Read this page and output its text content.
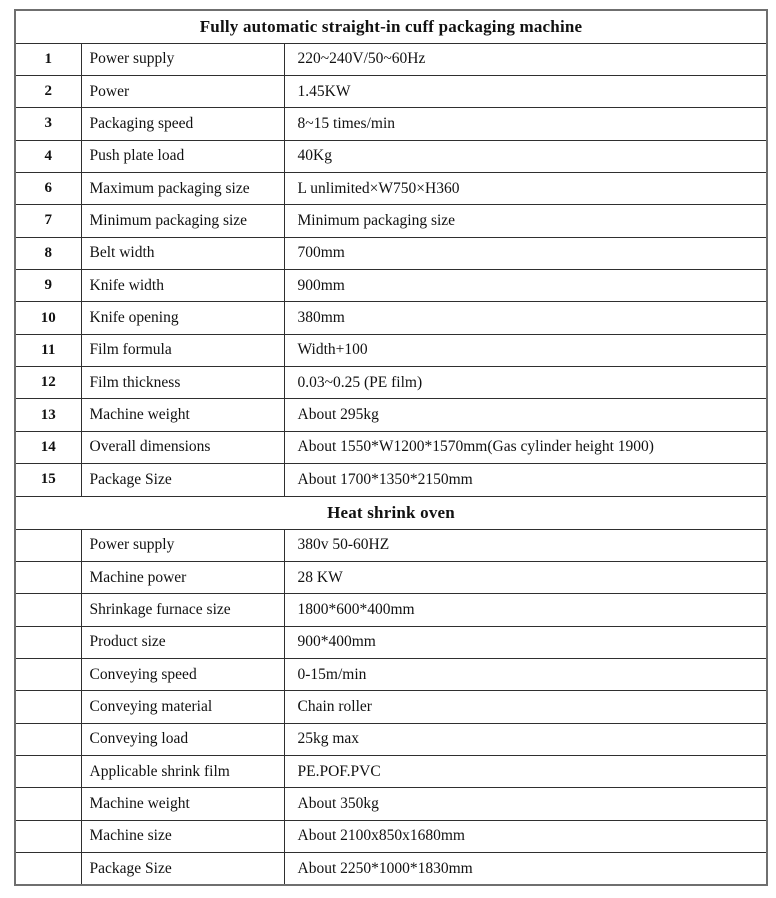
Fully automatic straight-in cuff packaging machine		
1	Power supply	220~240V/50~60Hz
2	Power	1.45KW
3	Packaging speed	8~15 times/min
4	Push plate load	40Kg
6	Maximum packaging size	L unlimited×W750×H360
7	Minimum packaging size	Minimum packaging size
8	Belt width	700mm
9	Knife width	900mm
10	Knife opening	380mm
11	Film formula	Width+100
12	Film thickness	0.03~0.25 (PE film)
13	Machine weight	About 295kg
14	Overall dimensions	About 1550*W1200*1570mm(Gas cylinder height 1900)
15	Package Size	About 1700*1350*2150mm
Heat shrink oven		
	Power supply	380v 50-60HZ
	Machine power	28 KW
	Shrinkage furnace size	1800*600*400mm
	Product size	900*400mm
	Conveying speed	0-15m/min
	Conveying material	Chain roller
	Conveying load	25kg max
	Applicable shrink film	PE.POF.PVC
	Machine weight	About 350kg
	Machine size	About 2100x850x1680mm
	Package Size	About 2250*1000*1830mm
